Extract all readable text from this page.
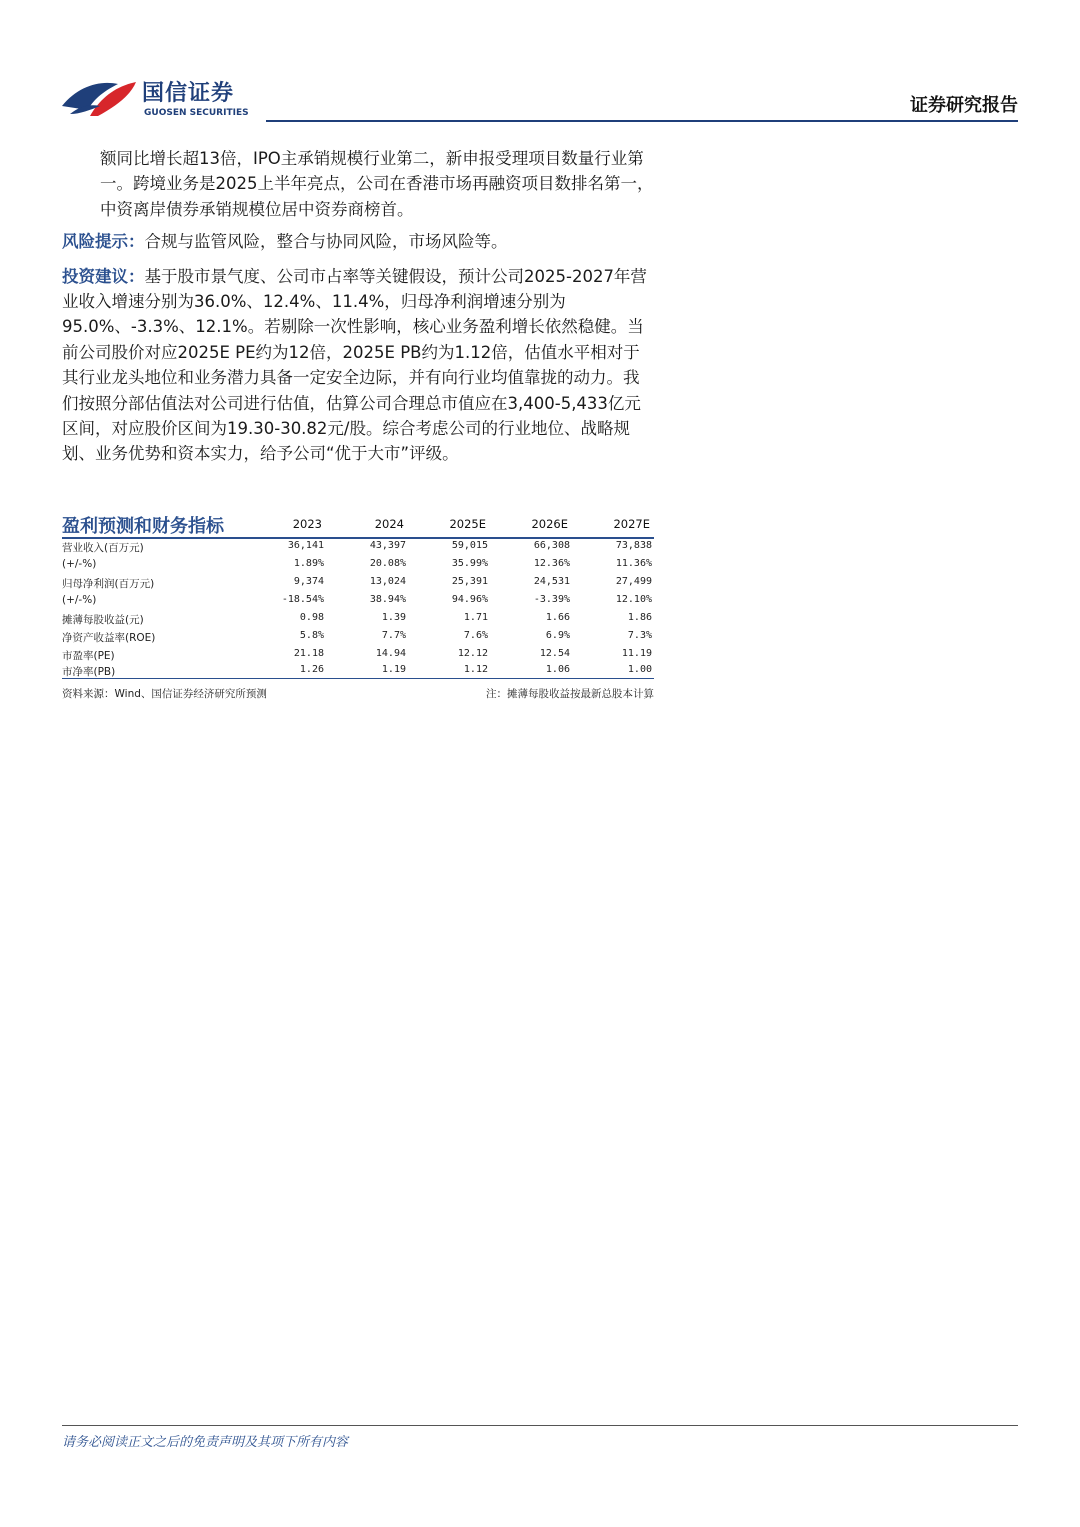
国信证券
GUOSEN SECURITIES	证券研究报告

额同比增长超13倍，IPO主承销规模行业第二，新申报受理项目数量行业第一。跨境业务是2025上半年亮点，公司在香港市场再融资项目数排名第一，中资离岸债券承销规模位居中资券商榜首。

风险提示：合规与监管风险，整合与协同风险，市场风险等。

投资建议：基于股市景气度、公司市占率等关键假设，预计公司2025-2027年营业收入增速分别为36.0%、12.4%、11.4%，归母净利润增速分别为95.0%、-3.3%、12.1%。若剔除一次性影响，核心业务盈利增长依然稳健。当前公司股价对应2025E PE约为12倍，2025E PB约为1.12倍，估值水平相对于其行业龙头地位和业务潜力具备一定安全边际，并有向行业均值靠拢的动力。我们按照分部估值法对公司进行估值，估算公司合理总市值应在3,400-5,433亿元区间，对应股价区间为19.30-30.82元/股。综合考虑公司的行业地位、战略规划、业务优势和资本实力，给予公司“优于大市”评级。

盈利预测和财务指标	2023	2024	2025E	2026E	2027E
营业收入(百万元)	36,141	43,397	59,015	66,308	73,838
(+/-%)	1.89%	20.08%	35.99%	12.36%	11.36%
归母净利润(百万元)	9,374	13,024	25,391	24,531	27,499
(+/-%)	-18.54%	38.94%	94.96%	-3.39%	12.10%
摊薄每股收益(元)	0.98	1.39	1.71	1.66	1.86
净资产收益率(ROE)	5.8%	7.7%	7.6%	6.9%	7.3%
市盈率(PE)	21.18	14.94	12.12	12.54	11.19
市净率(PB)	1.26	1.19	1.12	1.06	1.00
资料来源：Wind、国信证券经济研究所预测	注：摊薄每股收益按最新总股本计算
请务必阅读正文之后的免责声明及其项下所有内容
